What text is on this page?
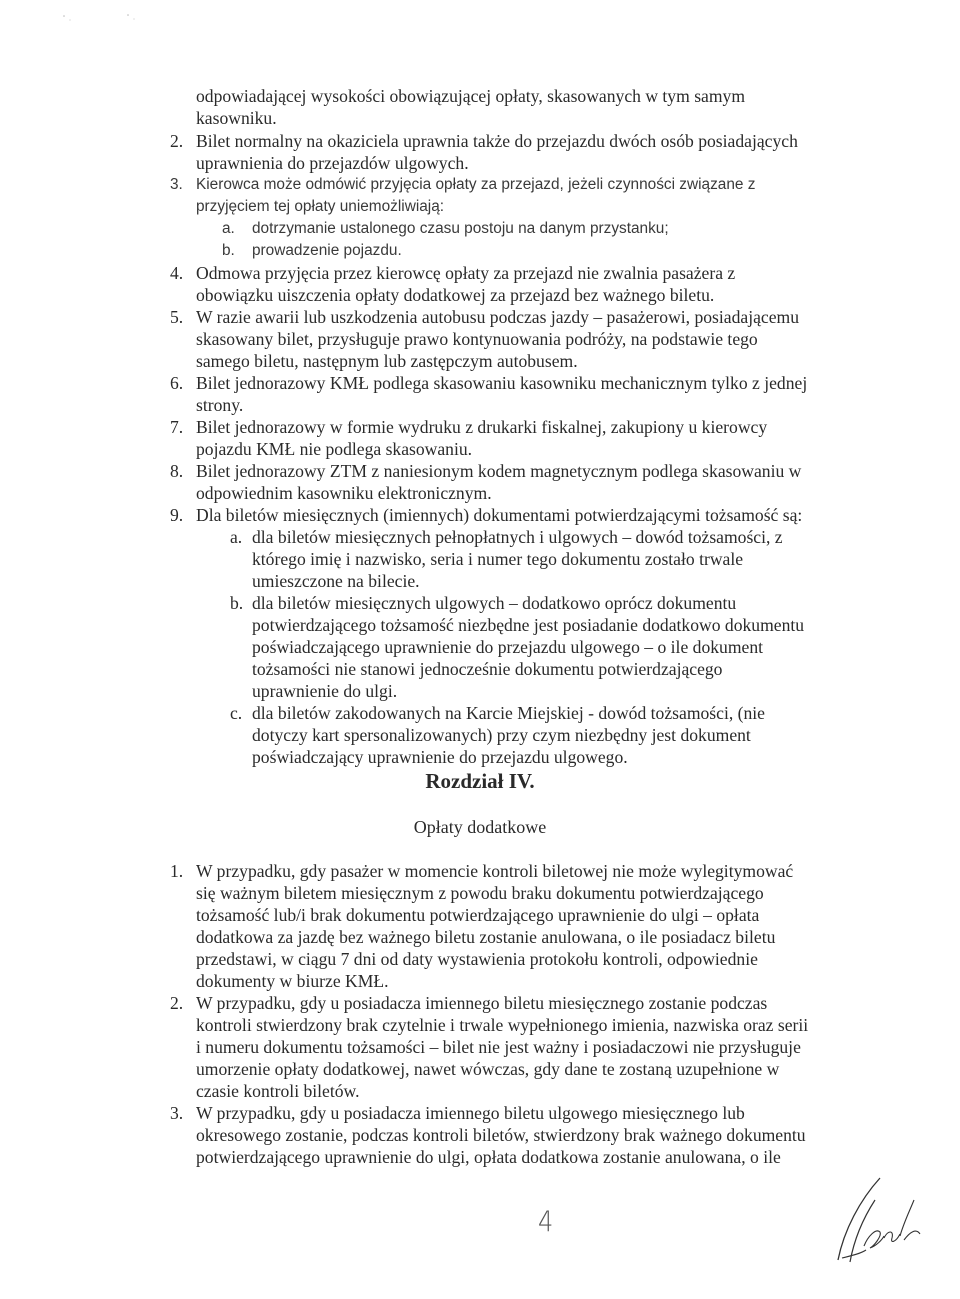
odpowiadającej wysokości obowiązującej opłaty, skasowanych w tym samym
kasowniku.
2. Bilet normalny na okaziciela uprawnia także do przejazdu dwóch osób posiadających
uprawnienia do przejazdów ulgowych.
3. Kierowca może odmówić przyjęcia opłaty za przejazd, jeżeli czynności związane z
przyjęciem tej opłaty uniemożliwiają:
a. dotrzymanie ustalonego czasu postoju na danym przystanku;
b. prowadzenie pojazdu.
4. Odmowa przyjęcia przez kierowcę opłaty za przejazd nie zwalnia pasażera z
obowiązku uiszczenia opłaty dodatkowej za przejazd bez ważnego biletu.
5. W razie awarii lub uszkodzenia autobusu podczas jazdy – pasażerowi, posiadającemu
skasowany bilet, przysługuje prawo kontynuowania podróży, na podstawie tego
samego biletu, następnym lub zastępczym autobusem.
6. Bilet jednorazowy KMŁ podlega skasowaniu kasowniku mechanicznym tylko z jednej
strony.
7. Bilet jednorazowy w formie wydruku z drukarki fiskalnej, zakupiony u kierowcy
pojazdu KMŁ nie podlega skasowaniu.
8. Bilet jednorazowy ZTM z naniesionym kodem magnetycznym podlega skasowaniu w
odpowiednim kasowniku elektronicznym.
9. Dla biletów miesięcznych (imiennych) dokumentami potwierdzającymi tożsamość są:
a. dla biletów miesięcznych pełnopłatnych i ulgowych – dowód tożsamości, z
którego imię i nazwisko, seria i numer tego dokumentu zostało trwale
umieszczone na bilecie.
b. dla biletów miesięcznych ulgowych – dodatkowo oprócz dokumentu
potwierdzającego tożsamość niezbędne jest posiadanie dodatkowo dokumentu
poświadczającego uprawnienie do przejazdu ulgowego – o ile dokument
tożsamości nie stanowi jednocześnie dokumentu potwierdzającego
uprawnienie do ulgi.
c. dla biletów zakodowanych na Karcie Miejskiej - dowód tożsamości, (nie
dotyczy kart spersonalizowanych) przy czym niezbędny jest dokument
poświadczający uprawnienie do przejazdu ulgowego.
Rozdział IV.
Opłaty dodatkowe
1. W przypadku, gdy pasażer w momencie kontroli biletowej nie może wylegitymować
się ważnym biletem miesięcznym z powodu braku dokumentu potwierdzającego
tożsamość lub/i brak dokumentu potwierdzającego uprawnienie do ulgi – opłata
dodatkowa za jazdę bez ważnego biletu zostanie anulowana, o ile posiadacz biletu
przedstawi, w ciągu 7 dni od daty wystawienia protokołu kontroli, odpowiednie
dokumenty w biurze KMŁ.
2. W przypadku, gdy u posiadacza imiennego biletu miesięcznego zostanie podczas
kontroli stwierdzony brak czytelnie i trwale wypełnionego imienia, nazwiska oraz serii
i numeru dokumentu tożsamości – bilet nie jest ważny i posiadaczowi nie przysługuje
umorzenie opłaty dodatkowej, nawet wówczas, gdy dane te zostaną uzupełnione w
czasie kontroli biletów.
3. W przypadku, gdy u posiadacza imiennego biletu ulgowego miesięcznego lub
okresowego zostanie, podczas kontroli biletów, stwierdzony brak ważnego dokumentu
potwierdzającego uprawnienie do ulgi, opłata dodatkowa zostanie anulowana, o ile
4
